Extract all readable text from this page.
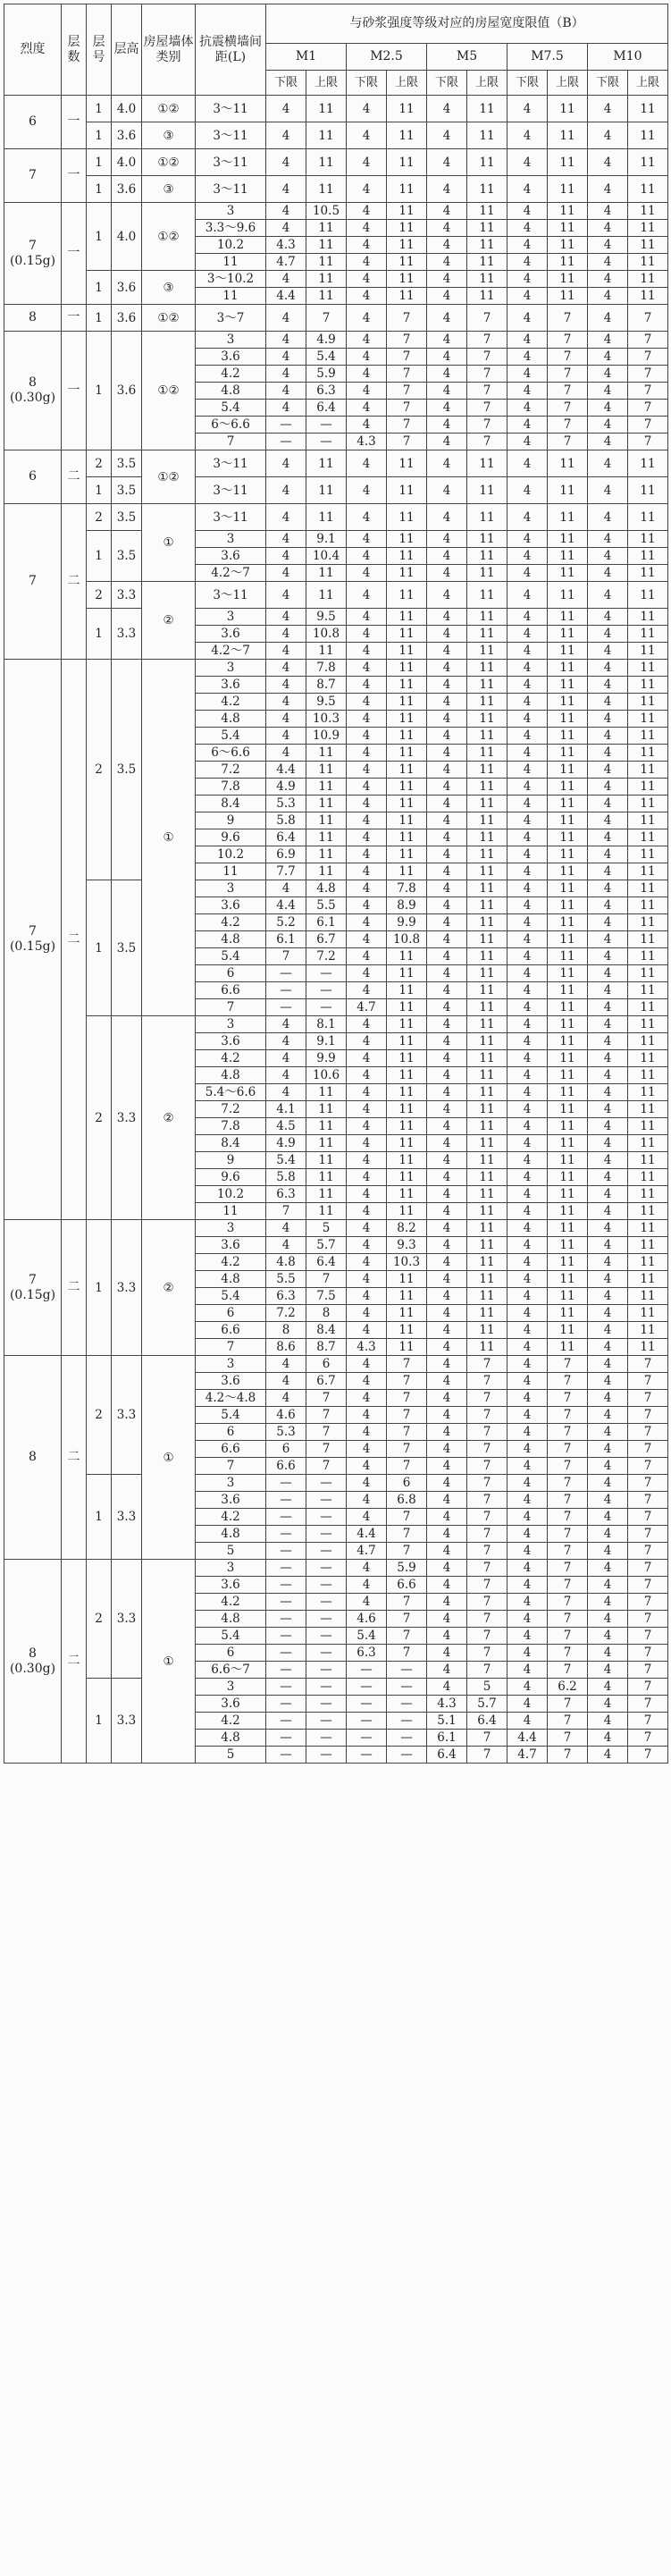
烈度	层数	层号	层高	房屋墙体类别	抗震横墙间距(L)	与砂浆强度等级对应的房屋宽度限值（B）									
						M1		M2.5		M5		M7.5		M10	
						下限	上限	下限	上限	下限	上限	下限	上限	下限	上限
6	一	1	4.0	①②	3～11	4	11	4	11	4	11	4	11	4	11
		1	3.6	③	3～11	4	11	4	11	4	11	4	11	4	11
7	一	1	4.0	①②	3～11	4	11	4	11	4	11	4	11	4	11
		1	3.6	③	3～11	4	11	4	11	4	11	4	11	4	11
7 (0.15g)	一	1	4.0	①②	3	4	10.5	4	11	4	11	4	11	4	11
					3.3～9.6	4	11	4	11	4	11	4	11	4	11
					10.2	4.3	11	4	11	4	11	4	11	4	11
					11	4.7	11	4	11	4	11	4	11	4	11
		1	3.6	③	3～10.2	4	11	4	11	4	11	4	11	4	11
					11	4.4	11	4	11	4	11	4	11	4	11
8	一	1	3.6	①②	3～7	4	7	4	7	4	7	4	7	4	7
8 (0.30g)	一	1	3.6	①②	3	4	4.9	4	7	4	7	4	7	4	7
					3.6	4	5.4	4	7	4	7	4	7	4	7
					4.2	4	5.9	4	7	4	7	4	7	4	7
					4.8	4	6.3	4	7	4	7	4	7	4	7
					5.4	4	6.4	4	7	4	7	4	7	4	7
					6～6.6	—	—	4	7	4	7	4	7	4	7
					7	—	—	4.3	7	4	7	4	7	4	7
6	二	2	3.5	①②	3～11	4	11	4	11	4	11	4	11	4	11
		1	3.5		3～11	4	11	4	11	4	11	4	11	4	11
7	二	2	3.5	①	3～11	4	11	4	11	4	11	4	11	4	11
		1	3.5		3	4	9.1	4	11	4	11	4	11	4	11
					3.6	4	10.4	4	11	4	11	4	11	4	11
					4.2～7	4	11	4	11	4	11	4	11	4	11
		2	3.3	②	3～11	4	11	4	11	4	11	4	11	4	11
		1	3.3		3	4	9.5	4	11	4	11	4	11	4	11
					3.6	4	10.8	4	11	4	11	4	11	4	11
					4.2～7	4	11	4	11	4	11	4	11	4	11
7 (0.15g)	二	2	3.5	①	3	4	7.8	4	11	4	11	4	11	4	11
					3.6	4	8.7	4	11	4	11	4	11	4	11
					4.2	4	9.5	4	11	4	11	4	11	4	11
					4.8	4	10.3	4	11	4	11	4	11	4	11
					5.4	4	10.9	4	11	4	11	4	11	4	11
					6～6.6	4	11	4	11	4	11	4	11	4	11
					7.2	4.4	11	4	11	4	11	4	11	4	11
					7.8	4.9	11	4	11	4	11	4	11	4	11
					8.4	5.3	11	4	11	4	11	4	11	4	11
					9	5.8	11	4	11	4	11	4	11	4	11
					9.6	6.4	11	4	11	4	11	4	11	4	11
					10.2	6.9	11	4	11	4	11	4	11	4	11
					11	7.7	11	4	11	4	11	4	11	4	11
		1	3.5		3	4	4.8	4	7.8	4	11	4	11	4	11
					3.6	4.4	5.5	4	8.9	4	11	4	11	4	11
					4.2	5.2	6.1	4	9.9	4	11	4	11	4	11
					4.8	6.1	6.7	4	10.8	4	11	4	11	4	11
					5.4	7	7.2	4	11	4	11	4	11	4	11
					6	—	—	4	11	4	11	4	11	4	11
					6.6	—	—	4	11	4	11	4	11	4	11
					7	—	—	4.7	11	4	11	4	11	4	11
		2	3.3	②	3	4	8.1	4	11	4	11	4	11	4	11
					3.6	4	9.1	4	11	4	11	4	11	4	11
					4.2	4	9.9	4	11	4	11	4	11	4	11
					4.8	4	10.6	4	11	4	11	4	11	4	11
					5.4～6.6	4	11	4	11	4	11	4	11	4	11
					7.2	4.1	11	4	11	4	11	4	11	4	11
					7.8	4.5	11	4	11	4	11	4	11	4	11
					8.4	4.9	11	4	11	4	11	4	11	4	11
					9	5.4	11	4	11	4	11	4	11	4	11
					9.6	5.8	11	4	11	4	11	4	11	4	11
					10.2	6.3	11	4	11	4	11	4	11	4	11
					11	7	11	4	11	4	11	4	11	4	11
7 (0.15g)	二	1	3.3	②	3	4	5	4	8.2	4	11	4	11	4	11
					3.6	4	5.7	4	9.3	4	11	4	11	4	11
					4.2	4.8	6.4	4	10.3	4	11	4	11	4	11
					4.8	5.5	7	4	11	4	11	4	11	4	11
					5.4	6.3	7.5	4	11	4	11	4	11	4	11
					6	7.2	8	4	11	4	11	4	11	4	11
					6.6	8	8.4	4	11	4	11	4	11	4	11
					7	8.6	8.7	4.3	11	4	11	4	11	4	11
8	二	2	3.3	①	3	4	6	4	7	4	7	4	7	4	7
					3.6	4	6.7	4	7	4	7	4	7	4	7
					4.2～4.8	4	7	4	7	4	7	4	7	4	7
					5.4	4.6	7	4	7	4	7	4	7	4	7
					6	5.3	7	4	7	4	7	4	7	4	7
					6.6	6	7	4	7	4	7	4	7	4	7
					7	6.6	7	4	7	4	7	4	7	4	7
		1	3.3		3	—	—	4	6	4	7	4	7	4	7
					3.6	—	—	4	6.8	4	7	4	7	4	7
					4.2	—	—	4	7	4	7	4	7	4	7
					4.8	—	—	4.4	7	4	7	4	7	4	7
					5	—	—	4.7	7	4	7	4	7	4	7
8 (0.30g)	二	2	3.3	①	3	—	—	4	5.9	4	7	4	7	4	7
					3.6	—	—	4	6.6	4	7	4	7	4	7
					4.2	—	—	4	7	4	7	4	7	4	7
					4.8	—	—	4.6	7	4	7	4	7	4	7
					5.4	—	—	5.4	7	4	7	4	7	4	7
					6	—	—	6.3	7	4	7	4	7	4	7
					6.6～7	—	—	—	—	4	7	4	7	4	7
		1	3.3		3	—	—	—	—	4	5	4	6.2	4	7
					3.6	—	—	—	—	4.3	5.7	4	7	4	7
					4.2	—	—	—	—	5.1	6.4	4	7	4	7
					4.8	—	—	—	—	6.1	7	4.4	7	4	7
					5	—	—	—	—	6.4	7	4.7	7	4	7
